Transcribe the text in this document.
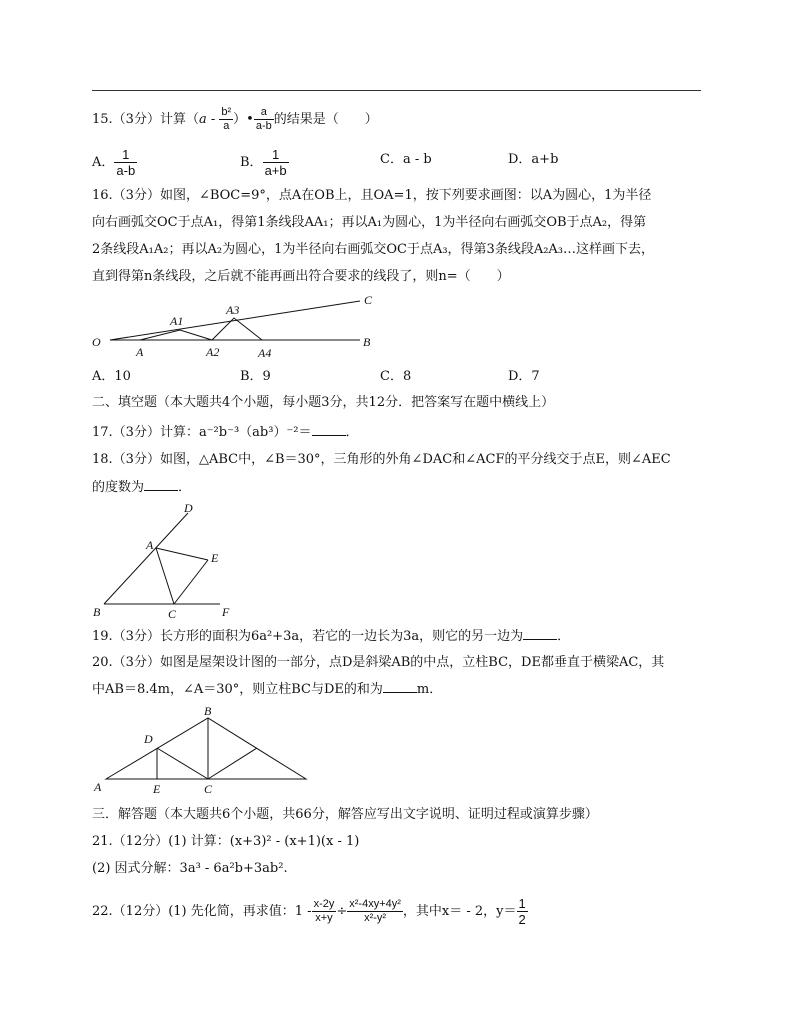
15.（3分）计算（$a - \frac{\text{b²}}{a}$ ）• $\frac{a}{a-b}$ 的结果是（　　）
A． $\frac{1}{a-b}$	B． $\frac{1}{a+b}$	C．a - b	D．a+b
16.（3分）如图，∠BOC=9°，点A在OB上，且OA=1，按下列要求画图：以A为圆心，1为半径
向右画弧交OC于点A₁，得第1条线段AA₁；再以A₁为圆心，1为半径向右画弧交OB于点A₂，得第
2条线段A₁A₂；再以A₂为圆心，1为半径向右画弧交OC于点A₃，得第3条线段A₂A₃…这样画下去，
直到得第n条线段，之后就不能再画出符合要求的线段了，则n=（　　）
O
A
A1
A2
A3
A4
B
C
A．10	B．9	C．8	D．7
二、填空题（本大题共4个小题，每小题3分，共12分．把答案写在题中横线上）
17.（3分）计算：a⁻²b⁻³（ab³）⁻²＝	．
18.（3分）如图，△ABC中，∠B＝30°，三角形的外角∠DAC和∠ACF的平分线交于点E，则∠AEC
的度数为	．
A
B	C
D
E
F
19.（3分）长方形的面积为6a²+3a，若它的一边长为3a，则它的另一边为	．
20.（3分）如图是屋架设计图的一部分，点D是斜梁AB的中点，立柱BC，DE都垂直于横梁AC，其
中AB＝8.4m，∠A＝30°，则立柱BC与DE的和为	m．
A
B
C
D
E
三．解答题（本大题共6个小题，共66分，解答应写出文字说明、证明过程或演算步骤）
21.（12分）(1) 计算：(x+3)² - (x+1)(x - 1)
(2) 因式分解：3a³ - 6a²b+3ab².
22.（12分）(1) 先化简，再求值：$1 - \frac{x-2y}{x+y} \div \frac{\text{x²-4xy+4y²}}{\text{x²-y²}}$ ，其中x＝ - 2，$y= \frac{1}{2}$
